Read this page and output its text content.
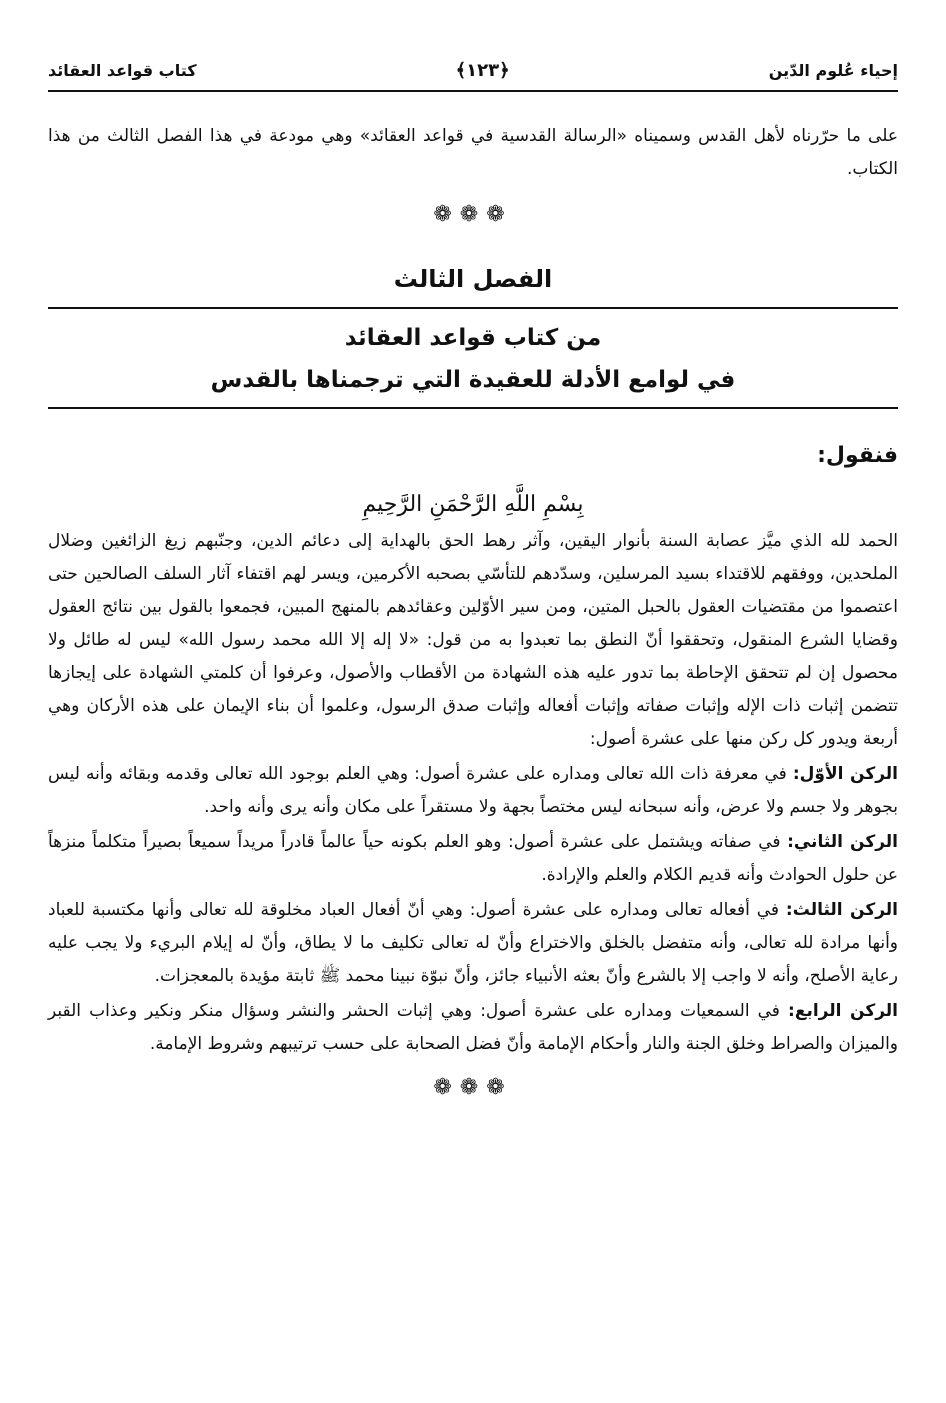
إحياء عُلوم الدّين
﴿١٢٣﴾
كتاب قواعد العقائد
على ما حرّرناه لأهل القدس وسميناه «الرسالة القدسية في قواعد العقائد» وهي مودعة في هذا الفصل الثالث من هذا الكتاب.
❁❁❁
الفصل الثالث
من كتاب قواعد العقائد
في لوامع الأدلة للعقيدة التي ترجمناها بالقدس
فنقول:
بِسْمِ اللَّهِ الرَّحْمَنِ الرَّحِيمِ
الحمد لله الذي ميَّز عصابة السنة بأنوار اليقين، وآثر رهط الحق بالهداية إلى دعائم الدين، وجنّبهم زيغ الزائغين وضلال الملحدين، ووفقهم للاقتداء بسيد المرسلين، وسدّدهم للتأسّي بصحبه الأكرمين، ويسر لهم اقتفاء آثار السلف الصالحين حتى اعتصموا من مقتضيات العقول بالحبل المتين، ومن سير الأوّلين وعقائدهم بالمنهج المبين، فجمعوا بالقول بين نتائج العقول وقضايا الشرع المنقول، وتحققوا أنّ النطق بما تعبدوا به من قول: «لا إله إلا الله محمد رسول الله» ليس له طائل ولا محصول إن لم تتحقق الإحاطة بما تدور عليه هذه الشهادة من الأقطاب والأصول، وعرفوا أن كلمتي الشهادة على إيجازها تتضمن إثبات ذات الإله وإثبات صفاته وإثبات أفعاله وإثبات صدق الرسول، وعلموا أن بناء الإيمان على هذه الأركان وهي أربعة ويدور كل ركن منها على عشرة أصول:
الركن الأوّل: في معرفة ذات الله تعالى ومداره على عشرة أصول: وهي العلم بوجود الله تعالى وقدمه وبقائه وأنه ليس بجوهر ولا جسم ولا عرض، وأنه سبحانه ليس مختصاً بجهة ولا مستقراً على مكان وأنه يرى وأنه واحد.
الركن الثاني: في صفاته ويشتمل على عشرة أصول: وهو العلم بكونه حياً عالماً قادراً مريداً سميعاً بصيراً متكلماً منزهاً عن حلول الحوادث وأنه قديم الكلام والعلم والإرادة.
الركن الثالث: في أفعاله تعالى ومداره على عشرة أصول: وهي أنّ أفعال العباد مخلوقة لله تعالى وأنها مكتسبة للعباد وأنها مرادة لله تعالى، وأنه متفضل بالخلق والاختراع وأنّ له تعالى تكليف ما لا يطاق، وأنّ له إيلام البريء ولا يجب عليه رعاية الأصلح، وأنه لا واجب إلا بالشرع وأنّ بعثه الأنبياء جائز، وأنّ نبوّة نبينا محمد ﷺ ثابتة مؤيدة بالمعجزات.
الركن الرابع: في السمعيات ومداره على عشرة أصول: وهي إثبات الحشر والنشر وسؤال منكر ونكير وعذاب القبر والميزان والصراط وخلق الجنة والنار وأحكام الإمامة وأنّ فضل الصحابة على حسب ترتيبهم وشروط الإمامة.
❁❁❁
